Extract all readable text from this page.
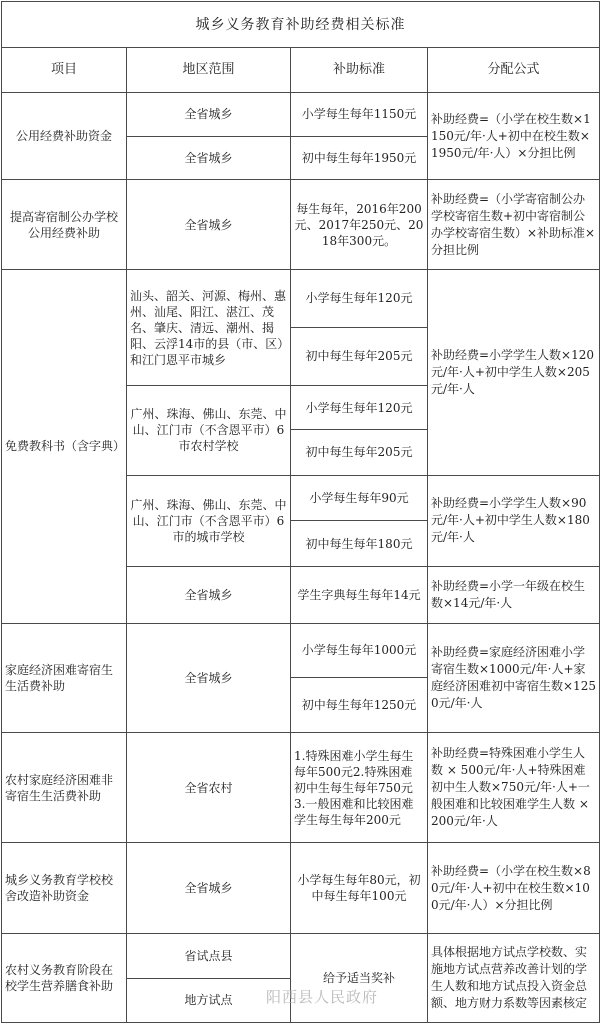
城乡义务教育补助经费相关标准			
项目	地区范围	补助标准	分配公式
公用经费补助资金	全省城乡	小学每生每年1150元	补助经费=（小学在校生数×1150元/年·人+初中在校生数×1950元/年·人）×分担比例
	全省城乡	初中每生每年1950元	
提高寄宿制公办学校公用经费补助	全省城乡	每生每年，2016年200元、2017年250元、2018年300元。	补助经费=（小学寄宿制公办学校寄宿生数+初中寄宿制公办学校寄宿生数）×补助标准×分担比例
免费教科书（含字典）	汕头、韶关、河源、梅州、惠州、汕尾、阳江、湛江、茂名、肇庆、清远、潮州、揭阳、云浮14市的县（市、区）和江门恩平市城乡	小学每生每年120元	补助经费=小学学生人数×120元/年·人+初中学生人数×205元/年·人
		初中每生每年205元	
	广州、珠海、佛山、东莞、中山、江门市（不含恩平市）6市农村学校	小学每生每年120元	
		初中每生每年205元	
	广州、珠海、佛山、东莞、中山、江门市（不含恩平市）6市的城市学校	小学每生每年90元	补助经费=小学学生人数×90元/年·人+初中学生人数×180元/年·人
		初中每生每年180元	
	全省城乡	学生字典每生每年14元	补助经费=小学一年级在校生数×14元/年·人
家庭经济困难寄宿生生活费补助	全省城乡	小学每生每年1000元	补助经费=家庭经济困难小学寄宿生数×1000元/年·人+家庭经济困难初中寄宿生数×1250元/年·人
		初中每生每年1250元	
农村家庭经济困难非寄宿生生活费补助	全省农村	1.特殊困难小学生每生每年500元2.特殊困难初中生每生每年750元3.一般困难和比较困难学生每生每年200元	补助经费=特殊困难小学生人数 × 500元/年·人+特殊困难初中生人数×750元/年·人+一般困难和比较困难学生人数 ×200元/年·人
城乡义务教育学校校舍改造补助资金	全省城乡	小学每生每年80元，初中每生每年100元	补助经费=（小学在校生数×80元/年·人+初中在校生数×100元/年·人）×分担比例
农村义务教育阶段在校学生营养膳食补助	省试点县	给予适当奖补	具体根据地方试点学校数、实施地方试点营养改善计划的学生人数和地方试点投入资金总额、地方财力系数等因素核定
	地方试点		阳西县人民政府
